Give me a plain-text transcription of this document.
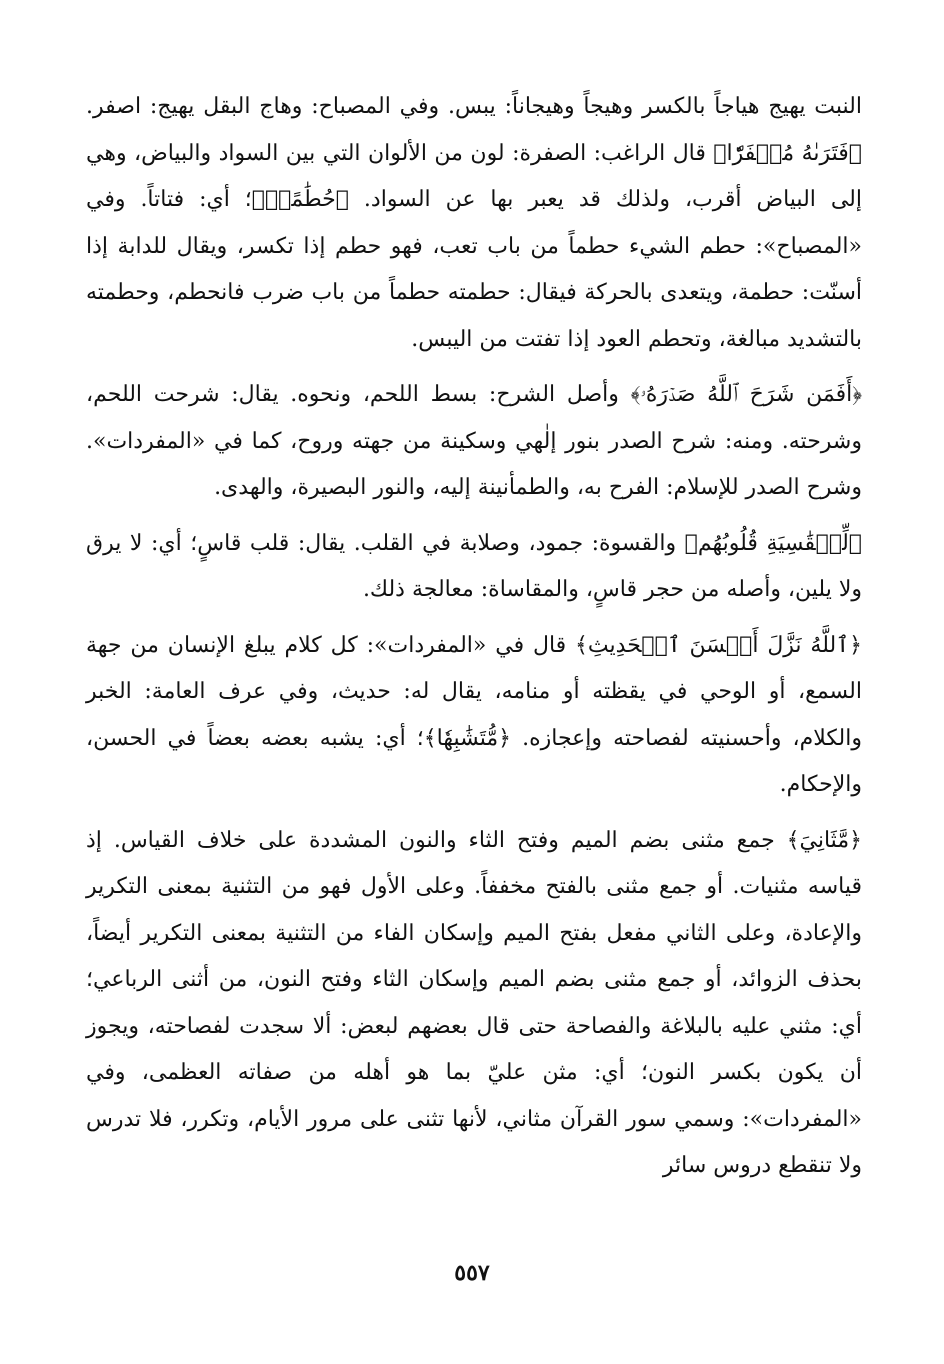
النبت يهيج هياجاً بالكسر وهيجاً وهيجاناً: يبس. وفي المصباح: وهاج البقل يهيج: اصفر. ﴿فَتَرَىٰهُ مُصۡفَرّٗا﴾ قال الراغب: الصفرة: لون من الألوان التي بين السواد والبياض، وهي إلى البياض أقرب، ولذلك قد يعبر بها عن السواد. ﴿حُطَٰمًاۚ﴾؛ أي: فتاتاً. وفي «المصباح»: حطم الشيء حطماً من باب تعب، فهو حطم إذا تكسر، ويقال للدابة إذا أسنّت: حطمة، ويتعدى بالحركة فيقال: حطمته حطماً من باب ضرب فانحطم، وحطمته بالتشديد مبالغة، وتحطم العود إذا تفتت من اليبس.

﴿أَفَمَن شَرَحَ ٱللَّهُ صَدۡرَهُۥ﴾ وأصل الشرح: بسط اللحم، ونحوه. يقال: شرحت اللحم، وشرحته. ومنه: شرح الصدر بنور إلٰهي وسكينة من جهته وروح، كما في «المفردات». وشرح الصدر للإسلام: الفرح به، والطمأنينة إليه، والنور البصيرة، والهدى.

﴿لِّلۡقَٰسِيَةِ قُلُوبُهُم﴾ والقسوة: جمود، وصلابة في القلب. يقال: قلب قاسٍ؛ أي: لا يرق ولا يلين، وأصله من حجر قاسٍ، والمقاساة: معالجة ذلك.

﴿ٱللَّهُ نَزَّلَ أَحۡسَنَ ٱلۡحَدِيثِ﴾ قال في «المفردات»: كل كلام يبلغ الإنسان من جهة السمع، أو الوحي في يقظته أو منامه، يقال له: حديث، وفي عرف العامة: الخبر والكلام، وأحسنيته لفصاحته وإعجازه. ﴿مُّتَشَٰبِهٗا﴾؛ أي: يشبه بعضه بعضاً في الحسن، والإحكام.

﴿مَّثَانِيَ﴾ جمع مثنى بضم الميم وفتح الثاء والنون المشددة على خلاف القياس. إذ قياسه مثنيات. أو جمع مثنى بالفتح مخففاً. وعلى الأول فهو من التثنية بمعنى التكرير والإعادة، وعلى الثاني مفعل بفتح الميم وإسكان الفاء من التثنية بمعنى التكرير أيضاً، بحذف الزوائد، أو جمع مثنى بضم الميم وإسكان الثاء وفتح النون، من أثنى الرباعي؛ أي: مثني عليه بالبلاغة والفصاحة حتى قال بعضهم لبعض: ألا سجدت لفصاحته، ويجوز أن يكون بكسر النون؛ أي: مثن عليّ بما هو أهله من صفاته العظمى، وفي «المفردات»: وسمي سور القرآن مثاني، لأنها تثنى على مرور الأيام، وتكرر، فلا تدرس ولا تنقطع دروس سائر

٥٥٧
